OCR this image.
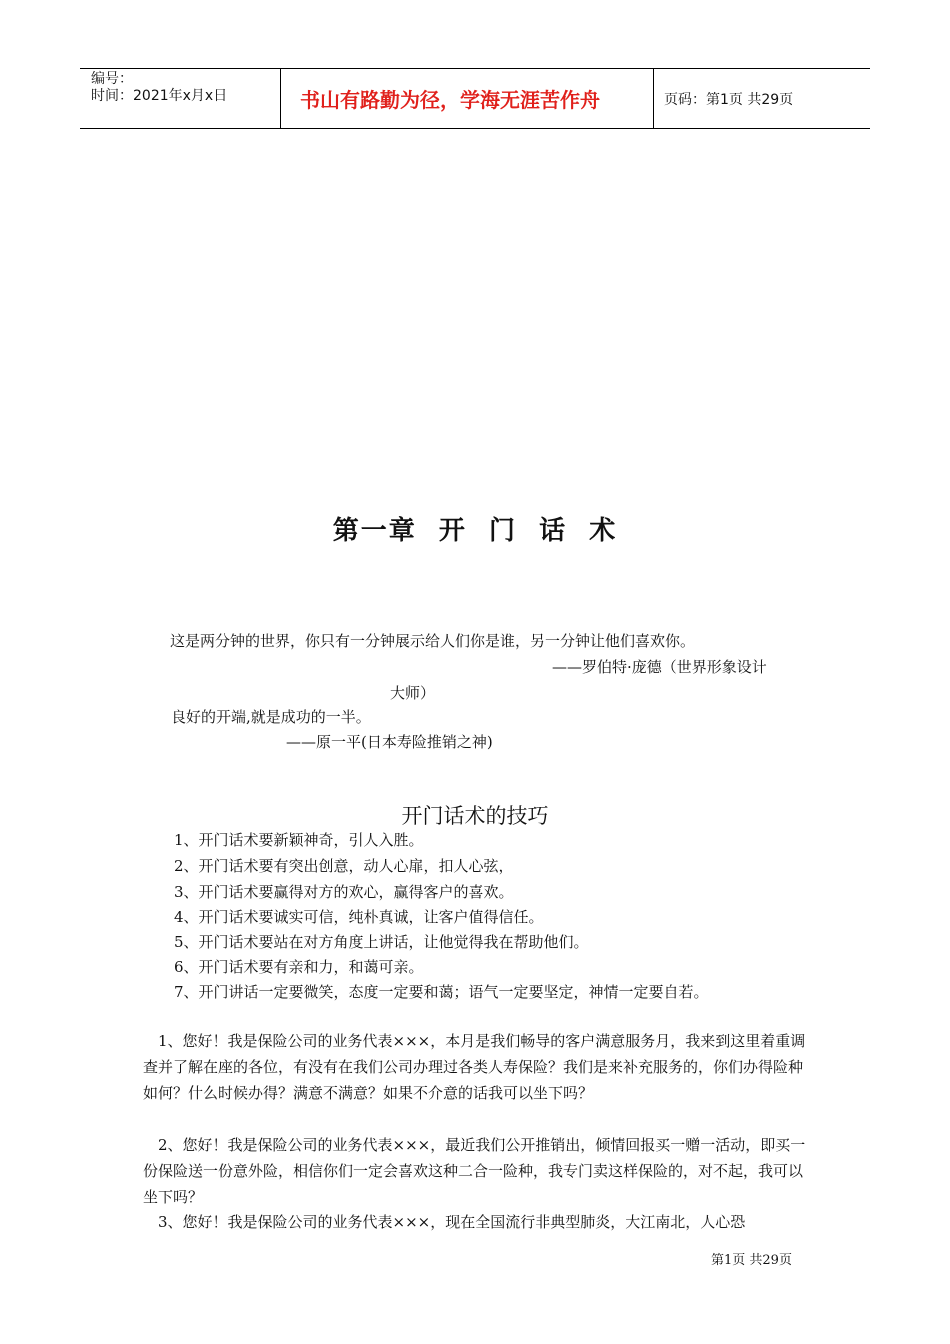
编号：
时间：2021年x月x日	书山有路勤为径，学海无涯苦作舟	页码：第1页 共29页
第一章  开  门  话  术
这是两分钟的世界，你只有一分钟展示给人们你是谁，另一分钟让他们喜欢你。
——罗伯特·庞德（世界形象设计
大师）
良好的开端,就是成功的一半。
——原一平(日本寿险推销之神)
开门话术的技巧
1、开门话术要新颖神奇，引人入胜。
2、开门话术要有突出创意，动人心扉，扣人心弦，
3、开门话术要赢得对方的欢心，赢得客户的喜欢。
4、开门话术要诚实可信，纯朴真诚，让客户值得信任。
5、开门话术要站在对方角度上讲话，让他觉得我在帮助他们。
6、开门话术要有亲和力，和蔼可亲。
7、开门讲话一定要微笑，态度一定要和蔼；语气一定要坚定，神情一定要自若。
1、您好！我是保险公司的业务代表×××，本月是我们畅导的客户满意服务月，我来到这里着重调查并了解在座的各位，有没有在我们公司办理过各类人寿保险？我们是来补充服务的，你们办得险种如何？什么时候办得？满意不满意？如果不介意的话我可以坐下吗？
2、您好！我是保险公司的业务代表×××，最近我们公开推销出，倾情回报买一赠一活动，即买一份保险送一份意外险，相信你们一定会喜欢这种二合一险种，我专门卖这样保险的，对不起，我可以坐下吗？
3、您好！我是保险公司的业务代表×××，现在全国流行非典型肺炎，大江南北，人心恐
第1页 共29页
